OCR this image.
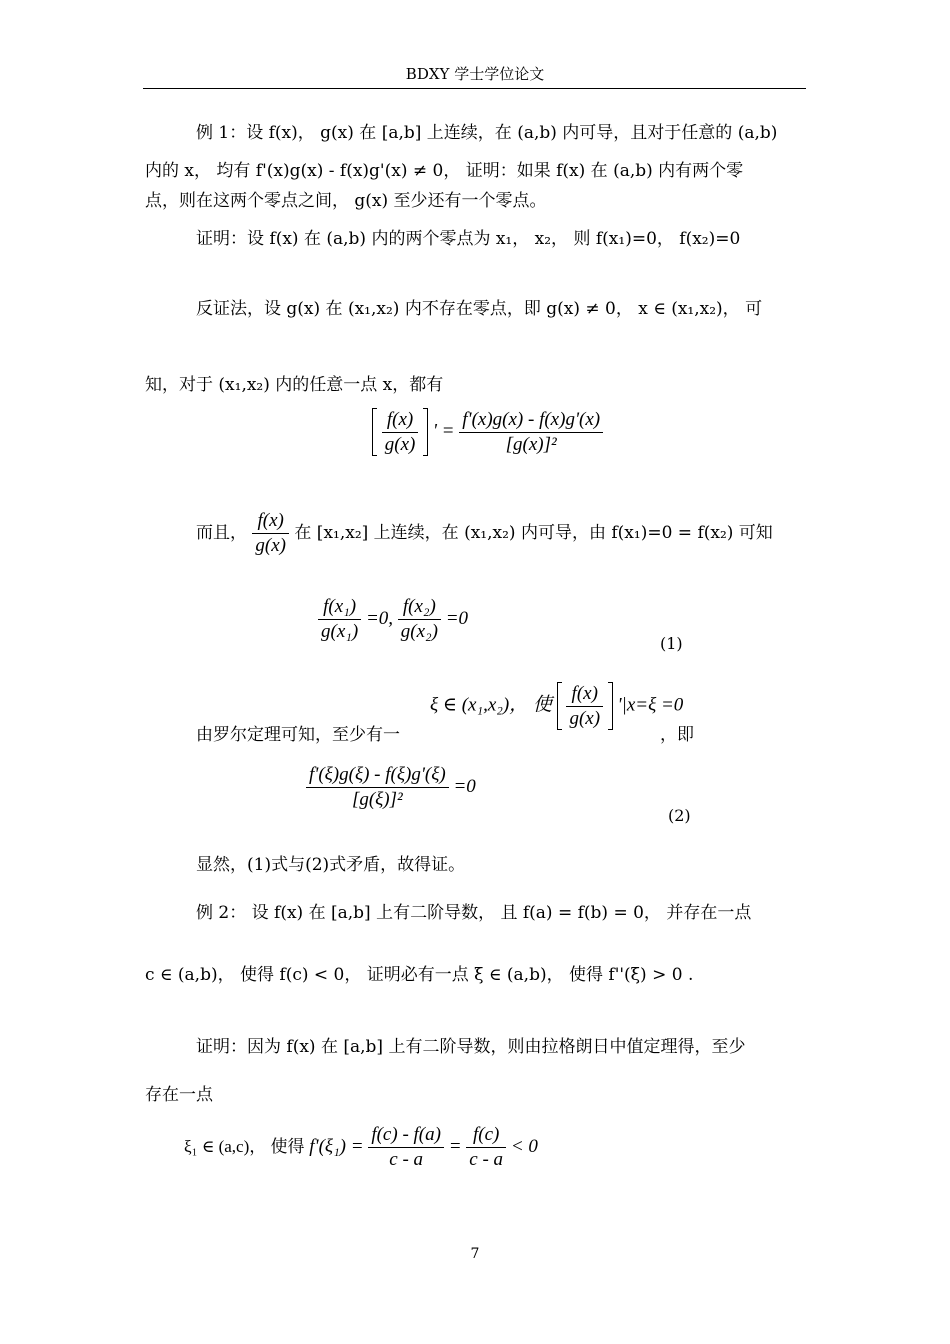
BDXY 学士学位论文
例 1：设 f(x)， g(x) 在 [a,b] 上连续，在 (a,b) 内可导，且对于任意的 (a,b)
内的 x， 均有 f'(x)g(x) - f(x)g'(x) ≠ 0， 证明：如果 f(x) 在 (a,b) 内有两个零
点，则在这两个零点之间， g(x) 至少还有一个零点。
证明：设 f(x) 在 (a,b) 内的两个零点为 x₁， x₂， 则 f(x₁)=0， f(x₂)=0
反证法，设 g(x) 在 (x₁,x₂) 内不存在零点，即 g(x) ≠ 0， x ∈ (x₁,x₂)， 可
知，对于 (x₁,x₂) 内的任意一点 x，都有

$\frac{f(x)}{g(x)}$ ' = $\frac{f'(x)g(x) - f(x)g'(x)}{\text{[g(x)]²}}$
而且， $\frac{f(x)}{g(x)}$ 在 [x₁,x₂] 上连续，在 (x₁,x₂) 内可导，由 f(x₁)=0 = f(x₂) 可知
$\frac{\text{f(x₁)}}{\text{g(x₁)}} =0$, $\frac{\text{f(x₂)}}{\text{g(x₂)}} =0$
(1)
ξ ∈ (x₁,x₂)， 使 $\frac{f(x)}{g(x)}$ '|x=ξ =0
由罗尔定理可知，至少有一	，即
$\frac{f'(\xi)g(\xi) - f(\xi)g'(\xi)}{\text{[g(ξ)]²}} =0$
(2)
显然，(1)式与(2)式矛盾，故得证。
例 2： 设 f(x) 在 [a,b] 上有二阶导数， 且 f(a) = f(b) = 0， 并存在一点
c ∈ (a,b)， 使得 f(c) < 0， 证明必有一点 ξ ∈ (a,b)， 使得 f''(ξ) > 0 .
证明：因为 f(x) 在 [a,b] 上有二阶导数，则由拉格朗日中值定理得，至少
存在一点
ξ₁ ∈ (a,c)， 使得 $f'(\xi_1) = \frac{f(c) - f(a)}{c - a} = \frac{f(c)}{c - a} < 0$
7
